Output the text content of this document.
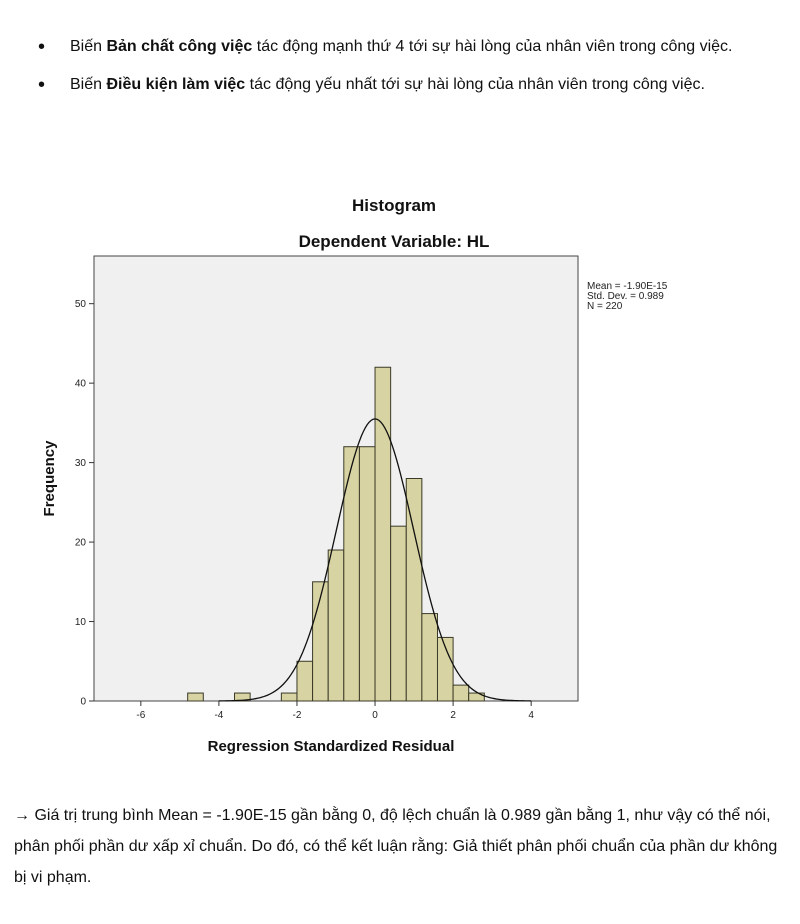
• Biến Bản chất công việc tác động mạnh thứ 4 tới sự hài lòng của nhân viên trong công việc.
• Biến Điều kiện làm việc tác động yếu nhất tới sự hài lòng của nhân viên trong công việc.
Histogram
Dependent Variable: HL
-6	-4	-2	0	2	4
0
10
20
30
40
50
Regression Standardized Residual
Frequency
Mean = -1.90E-15
Std. Dev. = 0.989
N = 220

→ Giá trị trung bình Mean = -1.90E-15 gần bằng 0, độ lệch chuẩn là 0.989 gần bằng 1, như vậy có thể nói, phân phối phần dư xấp xỉ chuẩn. Do đó, có thể kết luận rằng: Giả thiết phân phối chuẩn của phần dư không bị vi phạm.
